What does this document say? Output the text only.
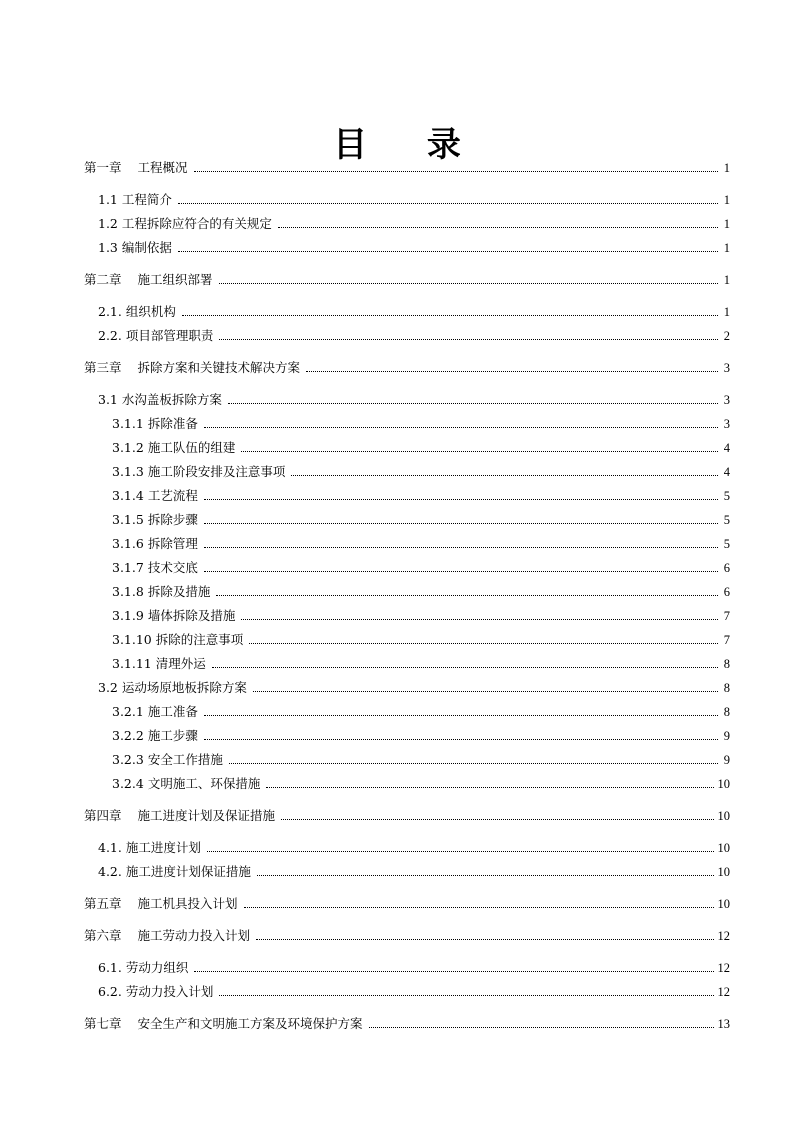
目 录
第一章 工程概况	1
1.1 工程简介	1
1.2 工程拆除应符合的有关规定	1
1.3 编制依据	1
第二章 施工组织部署	1
2.1. 组织机构	1
2.2. 项目部管理职责	2
第三章 拆除方案和关键技术解决方案	3
3.1 水沟盖板拆除方案	3
3.1.1 拆除准备	3
3.1.2 施工队伍的组建	4
3.1.3 施工阶段安排及注意事项	4
3.1.4 工艺流程	5
3.1.5 拆除步骤	5
3.1.6 拆除管理	5
3.1.7 技术交底	6
3.1.8 拆除及措施	6
3.1.9 墙体拆除及措施	7
3.1.10 拆除的注意事项	7
3.1.11 清理外运	8
3.2 运动场原地板拆除方案	8
3.2.1 施工准备	8
3.2.2 施工步骤	9
3.2.3 安全工作措施	9
3.2.4 文明施工、环保措施	10
第四章 施工进度计划及保证措施	10
4.1. 施工进度计划	10
4.2. 施工进度计划保证措施	10
第五章 施工机具投入计划	10
第六章 施工劳动力投入计划	12
6.1. 劳动力组织	12
6.2. 劳动力投入计划	12
第七章 安全生产和文明施工方案及环境保护方案	13
